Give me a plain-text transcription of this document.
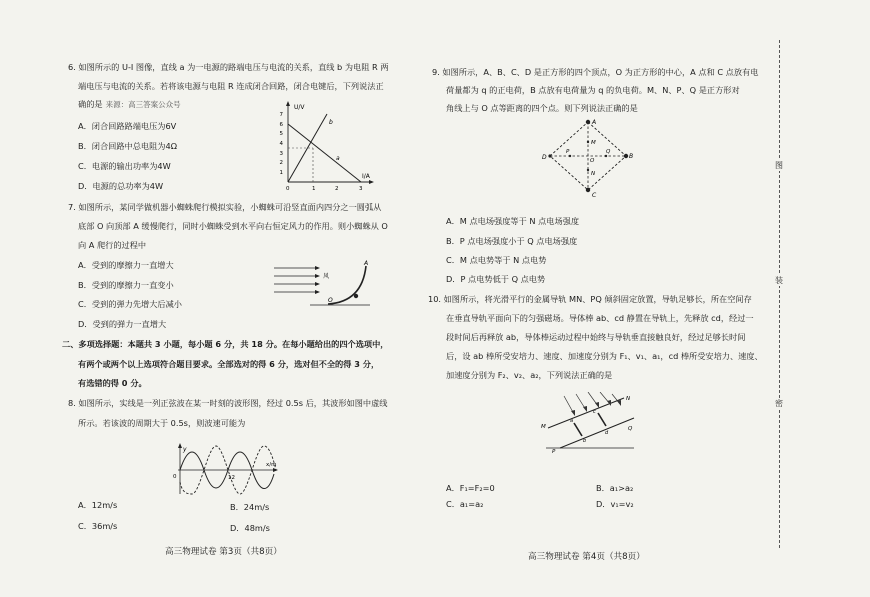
6. 如图所示的 U-I 图像，直线 a 为一电源的路端电压与电流的关系，直线 b 为电阻 R 两
端电压与电流的关系。若将该电源与电阻 R 连成闭合回路，闭合电键后，下列说法正
确的是 来源：高三答案公众号
A．闭合回路路端电压为6V
B．闭合回路中总电阻为4Ω
C．电源的输出功率为4W
D．电源的总功率为4W
U/V
I/A
7
6
5
4
3
2
1
0	1	2	3
a
b
7. 如图所示，某同学做机器小蜘蛛爬行模拟实验，小蜘蛛可沿竖直面内四分之一圆弧从
底部 O 向顶部 A 缓慢爬行，同时小蜘蛛受到水平向右恒定风力的作用。则小蜘蛛从 O
向 A 爬行的过程中
A．受到的摩擦力一直增大
B．受到的摩擦力一直变小
C．受到的弹力先增大后减小
D．受到的弹力一直增大
风
A
O
二、多项选择题：本题共 3 小题，每小题 6 分，共 18 分。在每小题给出的四个选项中，
有两个或两个以上选项符合题目要求。全部选对的得 6 分，选对但不全的得 3 分，
有选错的得 0 分。
8. 如图所示，实线是一列正弦波在某一时刻的波形图，经过 0.5s 后，其波形如图中虚线
所示。若该波的周期大于 0.5s，则波速可能为
y
x/m
0	12
A．12m/s	B．24m/s
C．36m/s	D．48m/s
高三物理试卷 第3页（共8页）
9. 如图所示，A、B、C、D 是正方形的四个顶点，O 为正方形的中心，A 点和 C 点放有电
荷量都为 q 的正电荷，B 点放有电荷量为 q 的负电荷。M、N、P、Q 是正方形对
角线上与 O 点等距离的四个点。则下列说法正确的是
A
B
C
D
M
N
P	Q
O
A．M 点电场强度等于 N 点电场强度
B．P 点电场强度小于 Q 点电场强度
C．M 点电势等于 N 点电势
D．P 点电势低于 Q 点电势
10. 如图所示，将光滑平行的金属导轨 MN、PQ 倾斜固定放置，导轨足够长，所在空间存
在垂直导轨平面向下的匀强磁场。导体棒 ab、cd 静置在导轨上，先释放 cd，经过一
段时间后再释放 ab，导体棒运动过程中始终与导轨垂直接触良好，经过足够长时间
后，设 ab 棒所受安培力、速度、加速度分别为 F₁、v₁、a₁，cd 棒所受安培力、速度、
加速度分别为 F₂、v₂、a₂，下列说法正确的是
M
N
P
Q
a
b
c
d
A．F₁=F₂=0	B．a₁>a₂
C．a₁=a₂	D．v₁=v₂
高三物理试卷 第4页（共8页）
图
装
密
